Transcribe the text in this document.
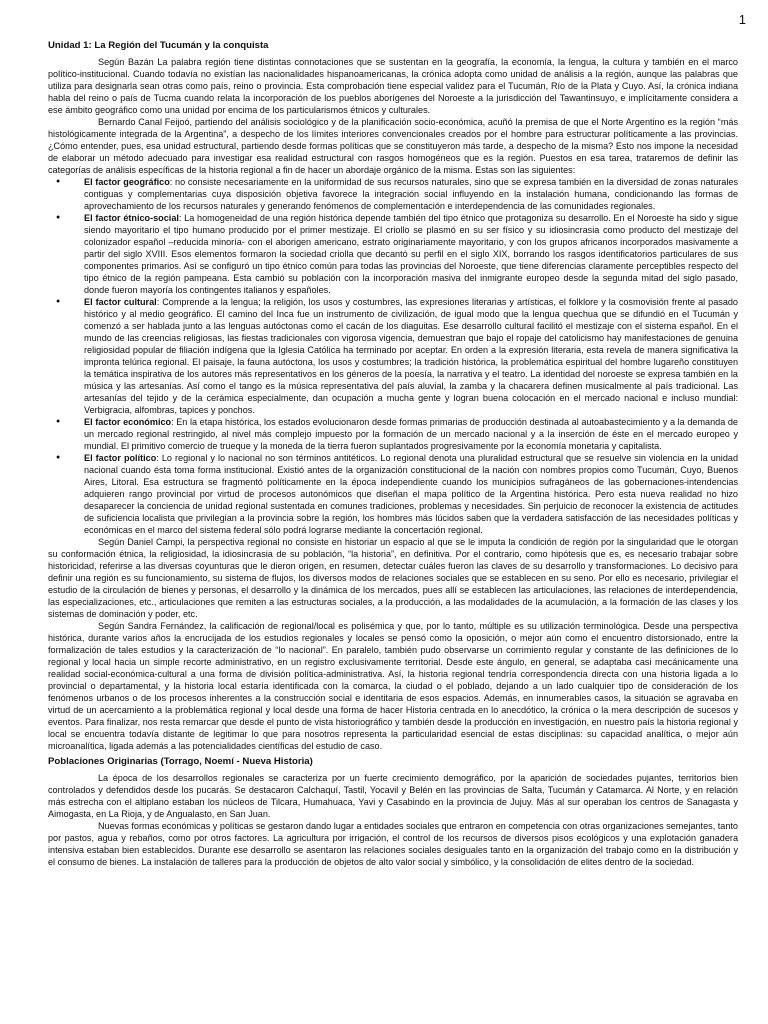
1
Unidad 1: La Región del Tucumán y la conquista

Según Bazán La palabra región tiene distintas connotaciones que se sustentan en la geografía, la economía, la lengua, la cultura y también en el marco político-institucional. Cuando todavía no existían las nacionalidades hispanoamericanas, la crónica adopta como unidad de análisis a la región, aunque las palabras que utiliza para designarla sean otras como país, reino o provincia. Esta comprobación tiene especial validez para el Tucumán, Río de la Plata y Cuyo. Así, la crónica indiana habla del reino o país de Tucma cuando relata la incorporación de los pueblos aborígenes del Noroeste a la jurisdicción del Tawantinsuyo, e implícitamente considera a ese ámbito geográfico como una unidad por encima de los particularismos étnicos y culturales.

Bernardo Canal Feijoó, partiendo del análisis sociológico y de la planificación socio-económica, acuñó la premisa de que el Norte Argentino es la región “más histológicamente integrada de la Argentina”, a despecho de los límites interiores convencionales creados por el hombre para estructurar políticamente a las provincias. ¿Cómo entender, pues, esa unidad estructural, partiendo desde formas políticas que se constituyeron más tarde, a despecho de la misma? Esto nos impone la necesidad de elaborar un método adecuado para investigar esa realidad estructural con rasgos homogéneos que es la región. Puestos en esa tarea, trataremos de definir las categorías de análisis específicas de la historia regional a fin de hacer un abordaje orgánico de la misma. Estas son las siguientes:

● El factor geográfico: no consiste necesariamente en la uniformidad de sus recursos naturales, sino que se expresa también en la diversidad de zonas naturales contiguas y complementarias cuya disposición objetiva favorece la integración social influyendo en la instalación humana, condicionando las formas de aprovechamiento de los recursos naturales y generando fenómenos de complementación e interdependencia de las comunidades regionales.
● El factor étnico-social: La homogeneidad de una región histórica depende también del tipo étnico que protagoniza su desarrollo. En el Noroeste ha sido y sigue siendo mayoritario el tipo humano producido por el primer mestizaje. El criollo se plasmó en su ser físico y su idiosincrasia como producto del mestizaje del colonizador español –reducida minoría- con el aborigen americano, estrato originariamente mayoritario, y con los grupos africanos incorporados masivamente a partir del siglo XVIII. Esos elementos formaron la sociedad criolla que decantó su perfil en el siglo XIX, borrando los rasgos identificatorios particulares de sus componentes primarios. Así se configuró un tipo étnico común para todas las provincias del Noroeste, que tiene diferencias claramente perceptibles respecto del tipo étnico de la región pampeana. Esta cambió su población con la incorporación masiva del inmigrante europeo desde la segunda mitad del siglo pasado, donde fueron mayoría los contingentes italianos y españoles.
● El factor cultural: Comprende a la lengua; la religión, los usos y costumbres, las expresiones literarias y artísticas, el folklore y la cosmovisión frente al pasado histórico y al medio geográfico. El camino del Inca fue un instrumento de civilización, de igual modo que la lengua quechua que se difundió en el Tucumán y comenzó a ser hablada junto a las lenguas autóctonas como el cacán de los diaguitas. Ese desarrollo cultural facilitó el mestizaje con el sistema español. En el mundo de las creencias religiosas, las fiestas tradicionales con vigorosa vigencia, demuestran que bajo el ropaje del catolicismo hay manifestaciones de genuina religiosidad popular de filiación indígena que la Iglesia Católica ha terminado por aceptar. En orden a la expresión literaria, esta revela de manera significativa la impronta telúrica regional. El paisaje, la fauna autóctona, los usos y costumbres; la tradición histórica, la problemática espiritual del hombre lugareño constituyen la temática inspirativa de los autores más representativos en los géneros de la poesía, la narrativa y el teatro. La identidad del noroeste se expresa también en la música y las artesanías. Así como el tango es la música representativa del país aluvial, la zamba y la chacarera definen musicalmente al país tradicional. Las artesanías del tejido y de la cerámica especialmente, dan ocupación a mucha gente y logran buena colocación en el mercado nacional e incluso mundial: Verbigracia, alfombras, tapices y ponchos.
● El factor económico: En la etapa histórica, los estados evolucionaron desde formas primarias de producción destinada al autoabastecimiento y a la demanda de un mercado regional restringido, al nivel más complejo impuesto por la formación de un mercado nacional y a la inserción de éste en el mercado europeo y mundial. El primitivo comercio de trueque y la moneda de la tierra fueron suplantados progresivamente por la economía monetaria y capitalista.
● El factor político: Lo regional y lo nacional no son términos antitéticos. Lo regional denota una pluralidad estructural que se resuelve sin violencia en la unidad nacional cuando ésta toma forma institucional. Existió antes de la organización constitucional de la nación con nombres propios como Tucumán, Cuyo, Buenos Aires, Litoral. Esa estructura se fragmentó políticamente en la época independiente cuando los municipios sufragáneos de las gobernaciones-intendencias adquieren rango provincial por virtud de procesos autonómicos que diseñan el mapa político de la Argentina histórica. Pero esta nueva realidad no hizo desaparecer la conciencia de unidad regional sustentada en comunes tradiciones, problemas y necesidades. Sin perjuicio de reconocer la existencia de actitudes de suficiencia localista que privilegian a la provincia sobre la región, los hombres más lúcidos saben que la verdadera satisfacción de las necesidades políticas y económicas en el marco del sistema federal sólo podrá lograrse mediante la concertación regional.

Según Daniel Campi, la perspectiva regional no consiste en historiar un espacio al que se le imputa la condición de región por la singularidad que le otorgan su conformación étnica, la religiosidad, la idiosincrasia de su población, “la historia”, en definitiva. Por el contrario, como hipótesis que es, es necesario trabajar sobre historicidad, referirse a las diversas coyunturas que le dieron origen, en resumen, detectar cuáles fueron las claves de su desarrollo y transformaciones. Lo decisivo para definir una región es su funcionamiento, su sistema de flujos, los diversos modos de relaciones sociales que se establecen en su seno. Por ello es necesario, privilegiar el estudio de la circulación de bienes y personas, el desarrollo y la dinámica de los mercados, pues allí se establecen las articulaciones, las relaciones de interdependencia, las especializaciones, etc., articulaciones que remiten a las estructuras sociales, a la producción, a las modalidades de la acumulación, a la formación de las clases y los sistemas de dominación y poder, etc.

Según Sandra Fernández, la calificación de regional/local es polisémica y que, por lo tanto, múltiple es su utilización terminológica. Desde una perspectiva histórica, durante varios años la encrucijada de los estudios regionales y locales se pensó como la oposición, o mejor aún como el encuentro distorsionado, entre la formalización de tales estudios y la caracterización de “lo nacional”. En paralelo, también pudo observarse un corrimiento regular y constante de las definiciones de lo regional y local hacia un simple recorte administrativo, en un registro exclusivamente territorial. Desde este ángulo, en general, se adaptaba casi mecánicamente una realidad social-económica-cultural a una forma de división política-administrativa. Así, la historia regional tendría correspondencia directa con una historia ligada a lo provincial o departamental, y la historia local estaría identificada con la comarca, la ciudad o el poblado, dejando a un lado cualquier tipo de consideración de los fenómenos urbanos o de los procesos inherentes a la construcción social e identitaria de esos espacios. Además, en innumerables casos, la situación se agravaba en virtud de un acercamiento a la problemática regional y local desde una forma de hacer Historia centrada en lo anecdótico, la crónica o la mera descripción de sucesos y eventos. Para finalizar, nos resta remarcar que desde el punto de vista historiográfico y también desde la producción en investigación, en nuestro país la historia regional y local se encuentra todavía distante de legitimar lo que para nosotros representa la particularidad esencial de estas disciplinas: su capacidad analítica, o mejor aún microanalítica, ligada además a las potencialidades científicas del estudio de caso.

Poblaciones Originarias (Torrago, Noemí - Nueva Historia)

La época de los desarrollos regionales se caracteriza por un fuerte crecimiento demográfico, por la aparición de sociedades pujantes, territorios bien controlados y defendidos desde los pucarás. Se destacaron Calchaquí, Tastil, Yocavil y Belén en las provincias de Salta, Tucumán y Catamarca. Al Norte, y en relación más estrecha con el altiplano estaban los núcleos de Tilcara, Humahuaca, Yavi y Casabindo en la provincia de Jujuy. Más al sur operaban los centros de Sanagasta y Aimogasta, en La Rioja, y de Angualasto, en San Juan.

Nuevas formas económicas y políticas se gestaron dando lugar a entidades sociales que entraron en competencia con otras organizaciones semejantes, tanto por pastos, agua y rebaños, como por otros factores. La agricultura por irrigación, el control de los recursos de diversos pisos ecológicos y una explotación ganadera intensiva estaban bien establecidos. Durante ese desarrollo se asentaron las relaciones sociales desiguales tanto en la organización del trabajo como en la distribución y el consumo de bienes. La instalación de talleres para la producción de objetos de alto valor social y simbólico, y la consolidación de elites dentro de la sociedad.
